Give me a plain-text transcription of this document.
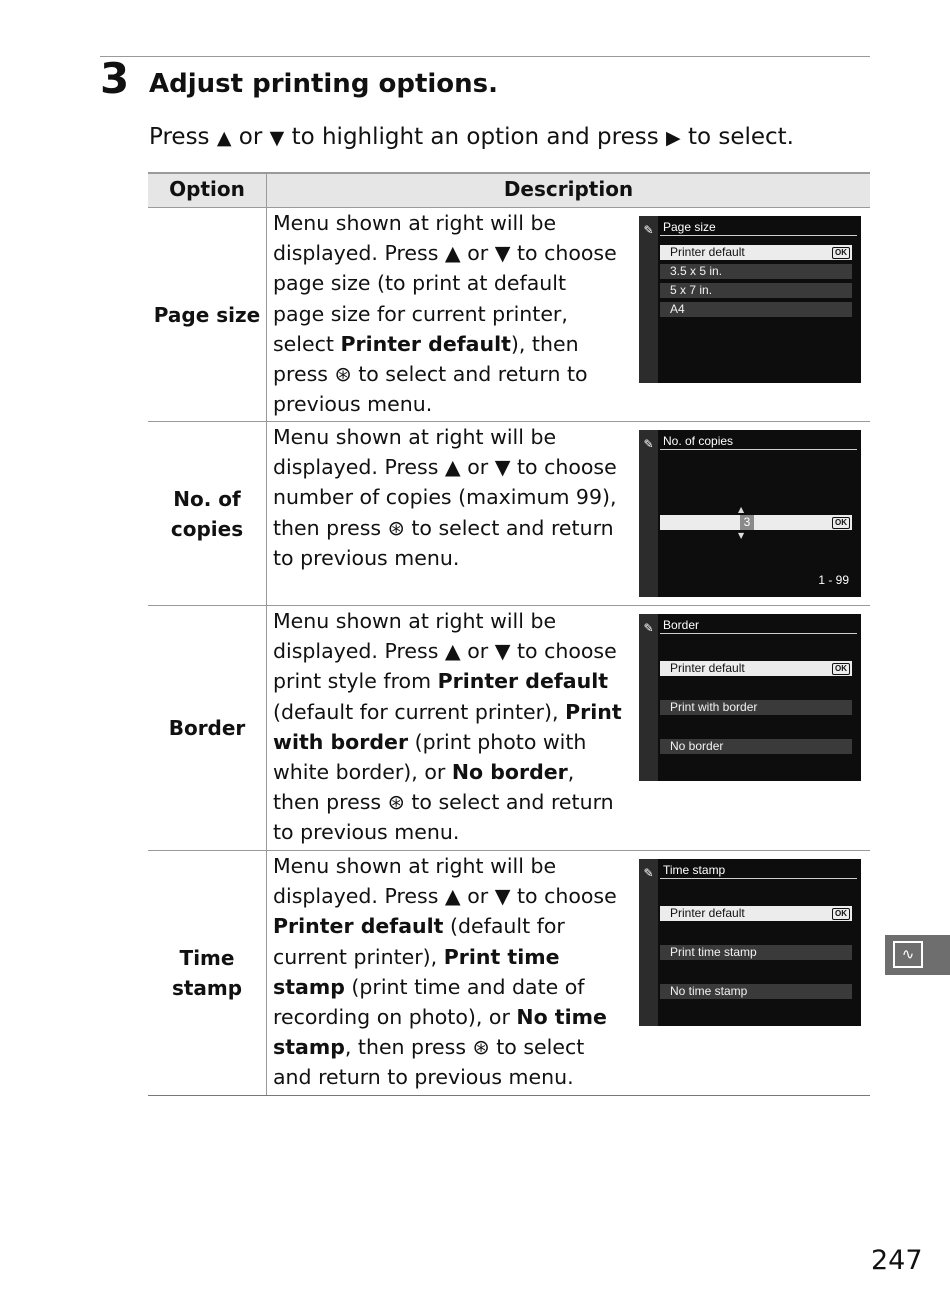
3 Adjust printing options.
Press ▲ or ▼ to highlight an option and press ▶ to select.
Option	Description
Page size
Menu shown at right will be displayed. Press ▲ or ▼ to choose page size (to print at default page size for current printer, select Printer default), then press ⊛ to select and return to previous menu.
✎ Page size
Printer default	OK
3.5 x 5 in.
5 x 7 in.
A4
No. of
copies
Menu shown at right will be displayed. Press ▲ or ▼ to choose number of copies (maximum 99), then press ⊛ to select and return to previous menu.
✎ No. of copies
▲
3	OK
▼
1 - 99
Border
Menu shown at right will be displayed. Press ▲ or ▼ to choose print style from Printer default (default for current printer), Print with border (print photo with white border), or No border, then press ⊛ to select and return to previous menu.
✎ Border
Printer default	OK
Print with border
No border
Time
stamp
Menu shown at right will be displayed. Press ▲ or ▼ to choose Printer default (default for current printer), Print time stamp (print time and date of recording on photo), or No time stamp, then press ⊛ to select and return to previous menu.
✎ Time stamp
Printer default	OK
Print time stamp
No time stamp
∿
247
